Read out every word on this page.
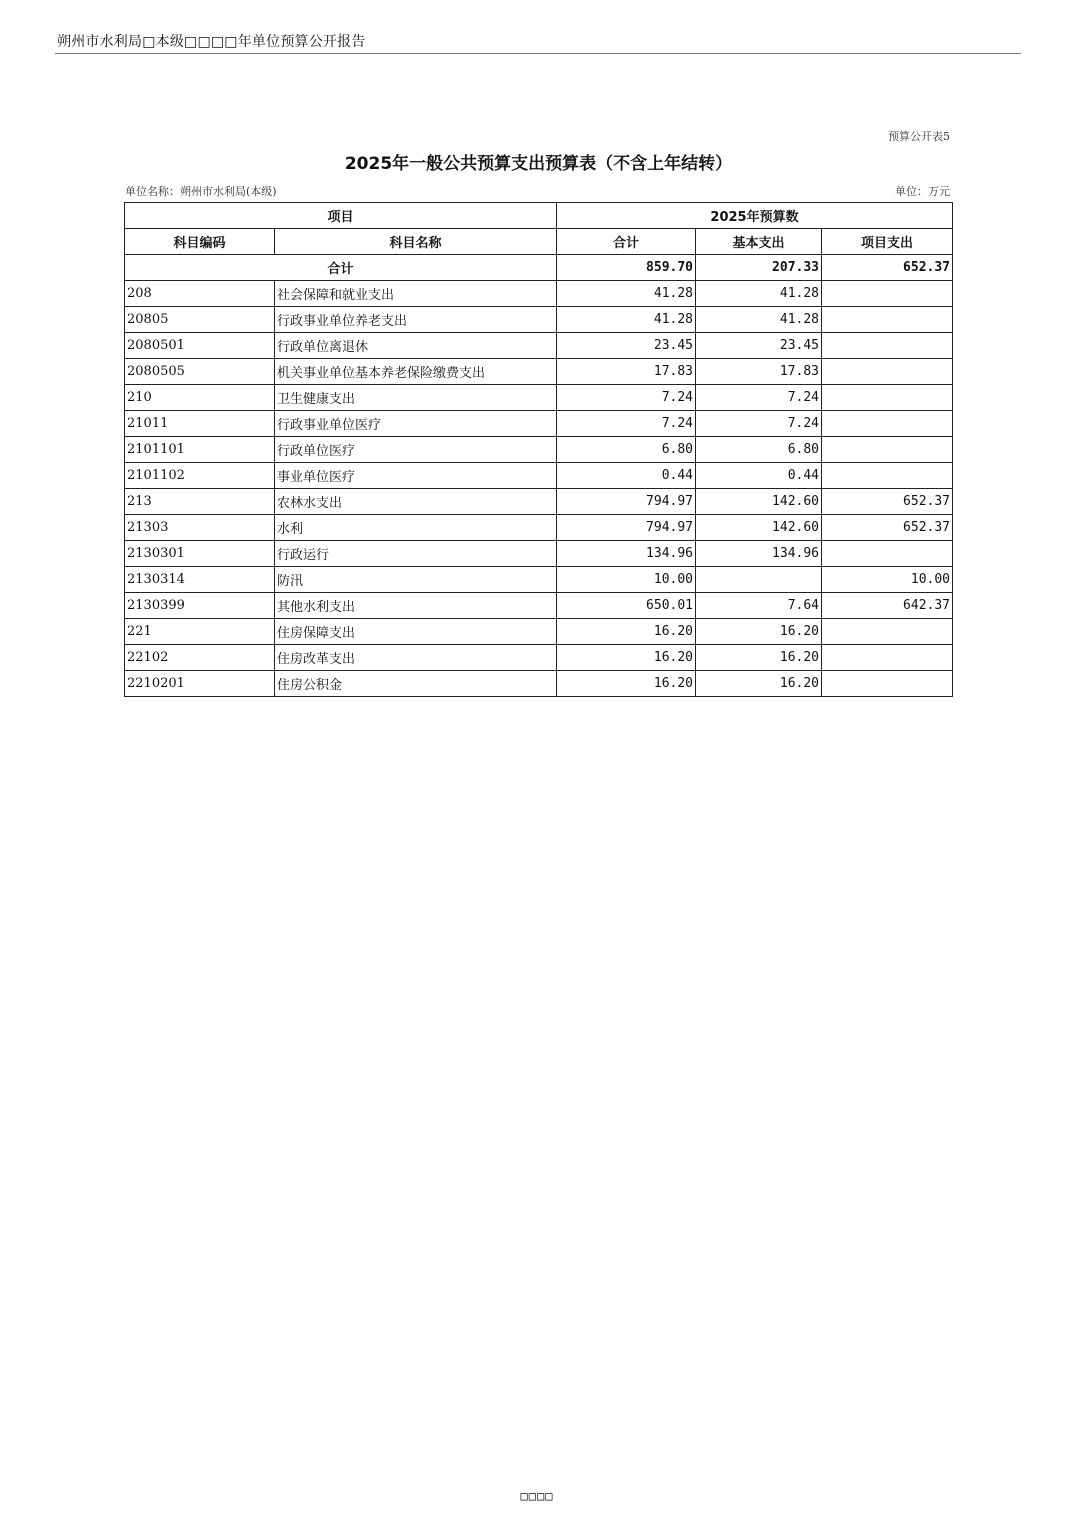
朔州市水利局□本级□□□□年单位预算公开报告
预算公开表5
2025年一般公共预算支出预算表（不含上年结转）
单位名称：朔州市水利局(本级)	单位：万元
项目		2025年预算数		
科目编码	科目名称	合计	基本支出	项目支出
合计		859.70	207.33	652.37
208	社会保障和就业支出	41.28	41.28	
20805	行政事业单位养老支出	41.28	41.28	
2080501	行政单位离退休	23.45	23.45	
2080505	机关事业单位基本养老保险缴费支出	17.83	17.83	
210	卫生健康支出	7.24	7.24	
21011	行政事业单位医疗	7.24	7.24	
2101101	行政单位医疗	6.80	6.80	
2101102	事业单位医疗	0.44	0.44	
213	农林水支出	794.97	142.60	652.37
21303	水利	794.97	142.60	652.37
2130301	行政运行	134.96	134.96	
2130314	防汛	10.00		10.00
2130399	其他水利支出	650.01	7.64	642.37
221	住房保障支出	16.20	16.20	
22102	住房改革支出	16.20	16.20	
2210201	住房公积金	16.20	16.20	
□□□□
